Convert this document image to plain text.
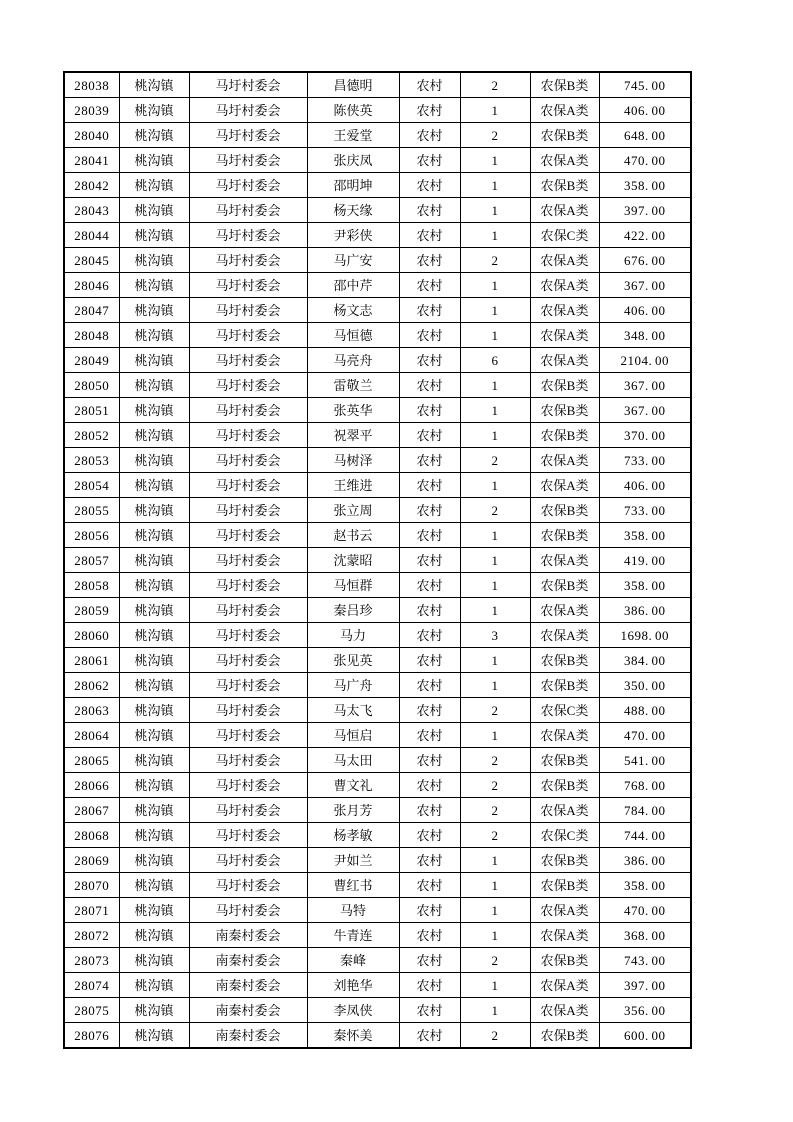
28038	桃沟镇	马圩村委会	昌德明	农村	2	农保B类	745. 00
28039	桃沟镇	马圩村委会	陈侠英	农村	1	农保A类	406. 00
28040	桃沟镇	马圩村委会	王爱堂	农村	2	农保B类	648. 00
28041	桃沟镇	马圩村委会	张庆凤	农村	1	农保A类	470. 00
28042	桃沟镇	马圩村委会	邵明坤	农村	1	农保B类	358. 00
28043	桃沟镇	马圩村委会	杨天缘	农村	1	农保A类	397. 00
28044	桃沟镇	马圩村委会	尹彩侠	农村	1	农保C类	422. 00
28045	桃沟镇	马圩村委会	马广安	农村	2	农保A类	676. 00
28046	桃沟镇	马圩村委会	邵中芹	农村	1	农保A类	367. 00
28047	桃沟镇	马圩村委会	杨文志	农村	1	农保A类	406. 00
28048	桃沟镇	马圩村委会	马恒德	农村	1	农保A类	348. 00
28049	桃沟镇	马圩村委会	马亮舟	农村	6	农保A类	2104. 00
28050	桃沟镇	马圩村委会	雷敬兰	农村	1	农保B类	367. 00
28051	桃沟镇	马圩村委会	张英华	农村	1	农保B类	367. 00
28052	桃沟镇	马圩村委会	祝翠平	农村	1	农保B类	370. 00
28053	桃沟镇	马圩村委会	马树泽	农村	2	农保A类	733. 00
28054	桃沟镇	马圩村委会	王维进	农村	1	农保A类	406. 00
28055	桃沟镇	马圩村委会	张立周	农村	2	农保B类	733. 00
28056	桃沟镇	马圩村委会	赵书云	农村	1	农保B类	358. 00
28057	桃沟镇	马圩村委会	沈蒙昭	农村	1	农保A类	419. 00
28058	桃沟镇	马圩村委会	马恒群	农村	1	农保B类	358. 00
28059	桃沟镇	马圩村委会	秦吕珍	农村	1	农保A类	386. 00
28060	桃沟镇	马圩村委会	马力	农村	3	农保A类	1698. 00
28061	桃沟镇	马圩村委会	张见英	农村	1	农保B类	384. 00
28062	桃沟镇	马圩村委会	马广舟	农村	1	农保B类	350. 00
28063	桃沟镇	马圩村委会	马太飞	农村	2	农保C类	488. 00
28064	桃沟镇	马圩村委会	马恒启	农村	1	农保A类	470. 00
28065	桃沟镇	马圩村委会	马太田	农村	2	农保B类	541. 00
28066	桃沟镇	马圩村委会	曹文礼	农村	2	农保B类	768. 00
28067	桃沟镇	马圩村委会	张月芳	农村	2	农保A类	784. 00
28068	桃沟镇	马圩村委会	杨孝敏	农村	2	农保C类	744. 00
28069	桃沟镇	马圩村委会	尹如兰	农村	1	农保B类	386. 00
28070	桃沟镇	马圩村委会	曹红书	农村	1	农保B类	358. 00
28071	桃沟镇	马圩村委会	马特	农村	1	农保A类	470. 00
28072	桃沟镇	南秦村委会	牛青连	农村	1	农保A类	368. 00
28073	桃沟镇	南秦村委会	秦峰	农村	2	农保B类	743. 00
28074	桃沟镇	南秦村委会	刘艳华	农村	1	农保A类	397. 00
28075	桃沟镇	南秦村委会	李凤侠	农村	1	农保A类	356. 00
28076	桃沟镇	南秦村委会	秦怀美	农村	2	农保B类	600. 00
